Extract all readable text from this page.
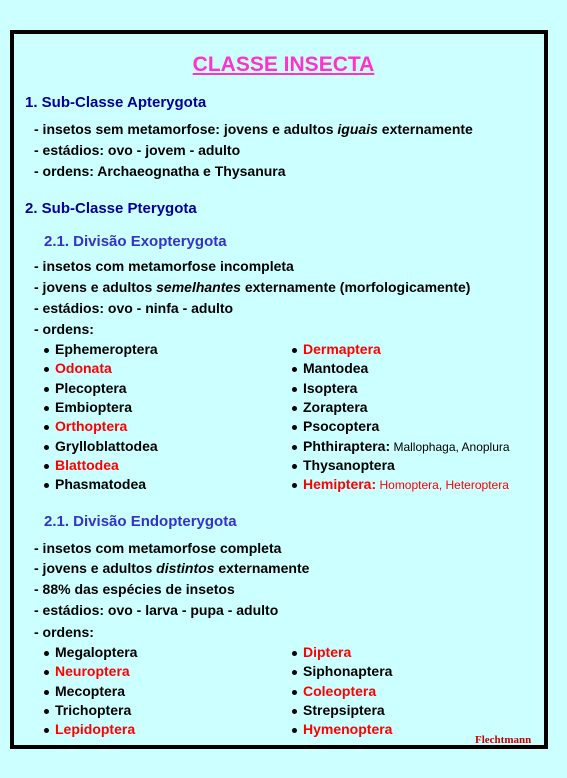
CLASSE INSECTA
1. Sub-Classe Apterygota
- insetos sem metamorfose: jovens e adultos iguais externamente
- estádios: ovo - jovem - adulto
- ordens: Archaeognatha e Thysanura
2. Sub-Classe Pterygota
2.1. Divisão Exopterygota
- insetos com metamorfose incompleta
- jovens e adultos semelhantes externamente (morfologicamente)
- estádios: ovo - ninfa - adulto
- ordens:
Ephemeroptera
Odonata
Plecoptera
Embioptera
Orthoptera
Grylloblattodea
Blattodea
Phasmatodea
Dermaptera
Mantodea
Isoptera
Zoraptera
Psocoptera
Phthiraptera: Mallophaga, Anoplura
Thysanoptera
Hemiptera: Homoptera, Heteroptera
2.1. Divisão Endopterygota
- insetos com metamorfose completa
- jovens e adultos distintos externamente
- 88% das espécies de insetos
- estádios: ovo - larva - pupa - adulto
- ordens:
Megaloptera
Neuroptera
Mecoptera
Trichoptera
Lepidoptera
Diptera
Siphonaptera
Coleoptera
Strepsiptera
Hymenoptera
Flechtmann
